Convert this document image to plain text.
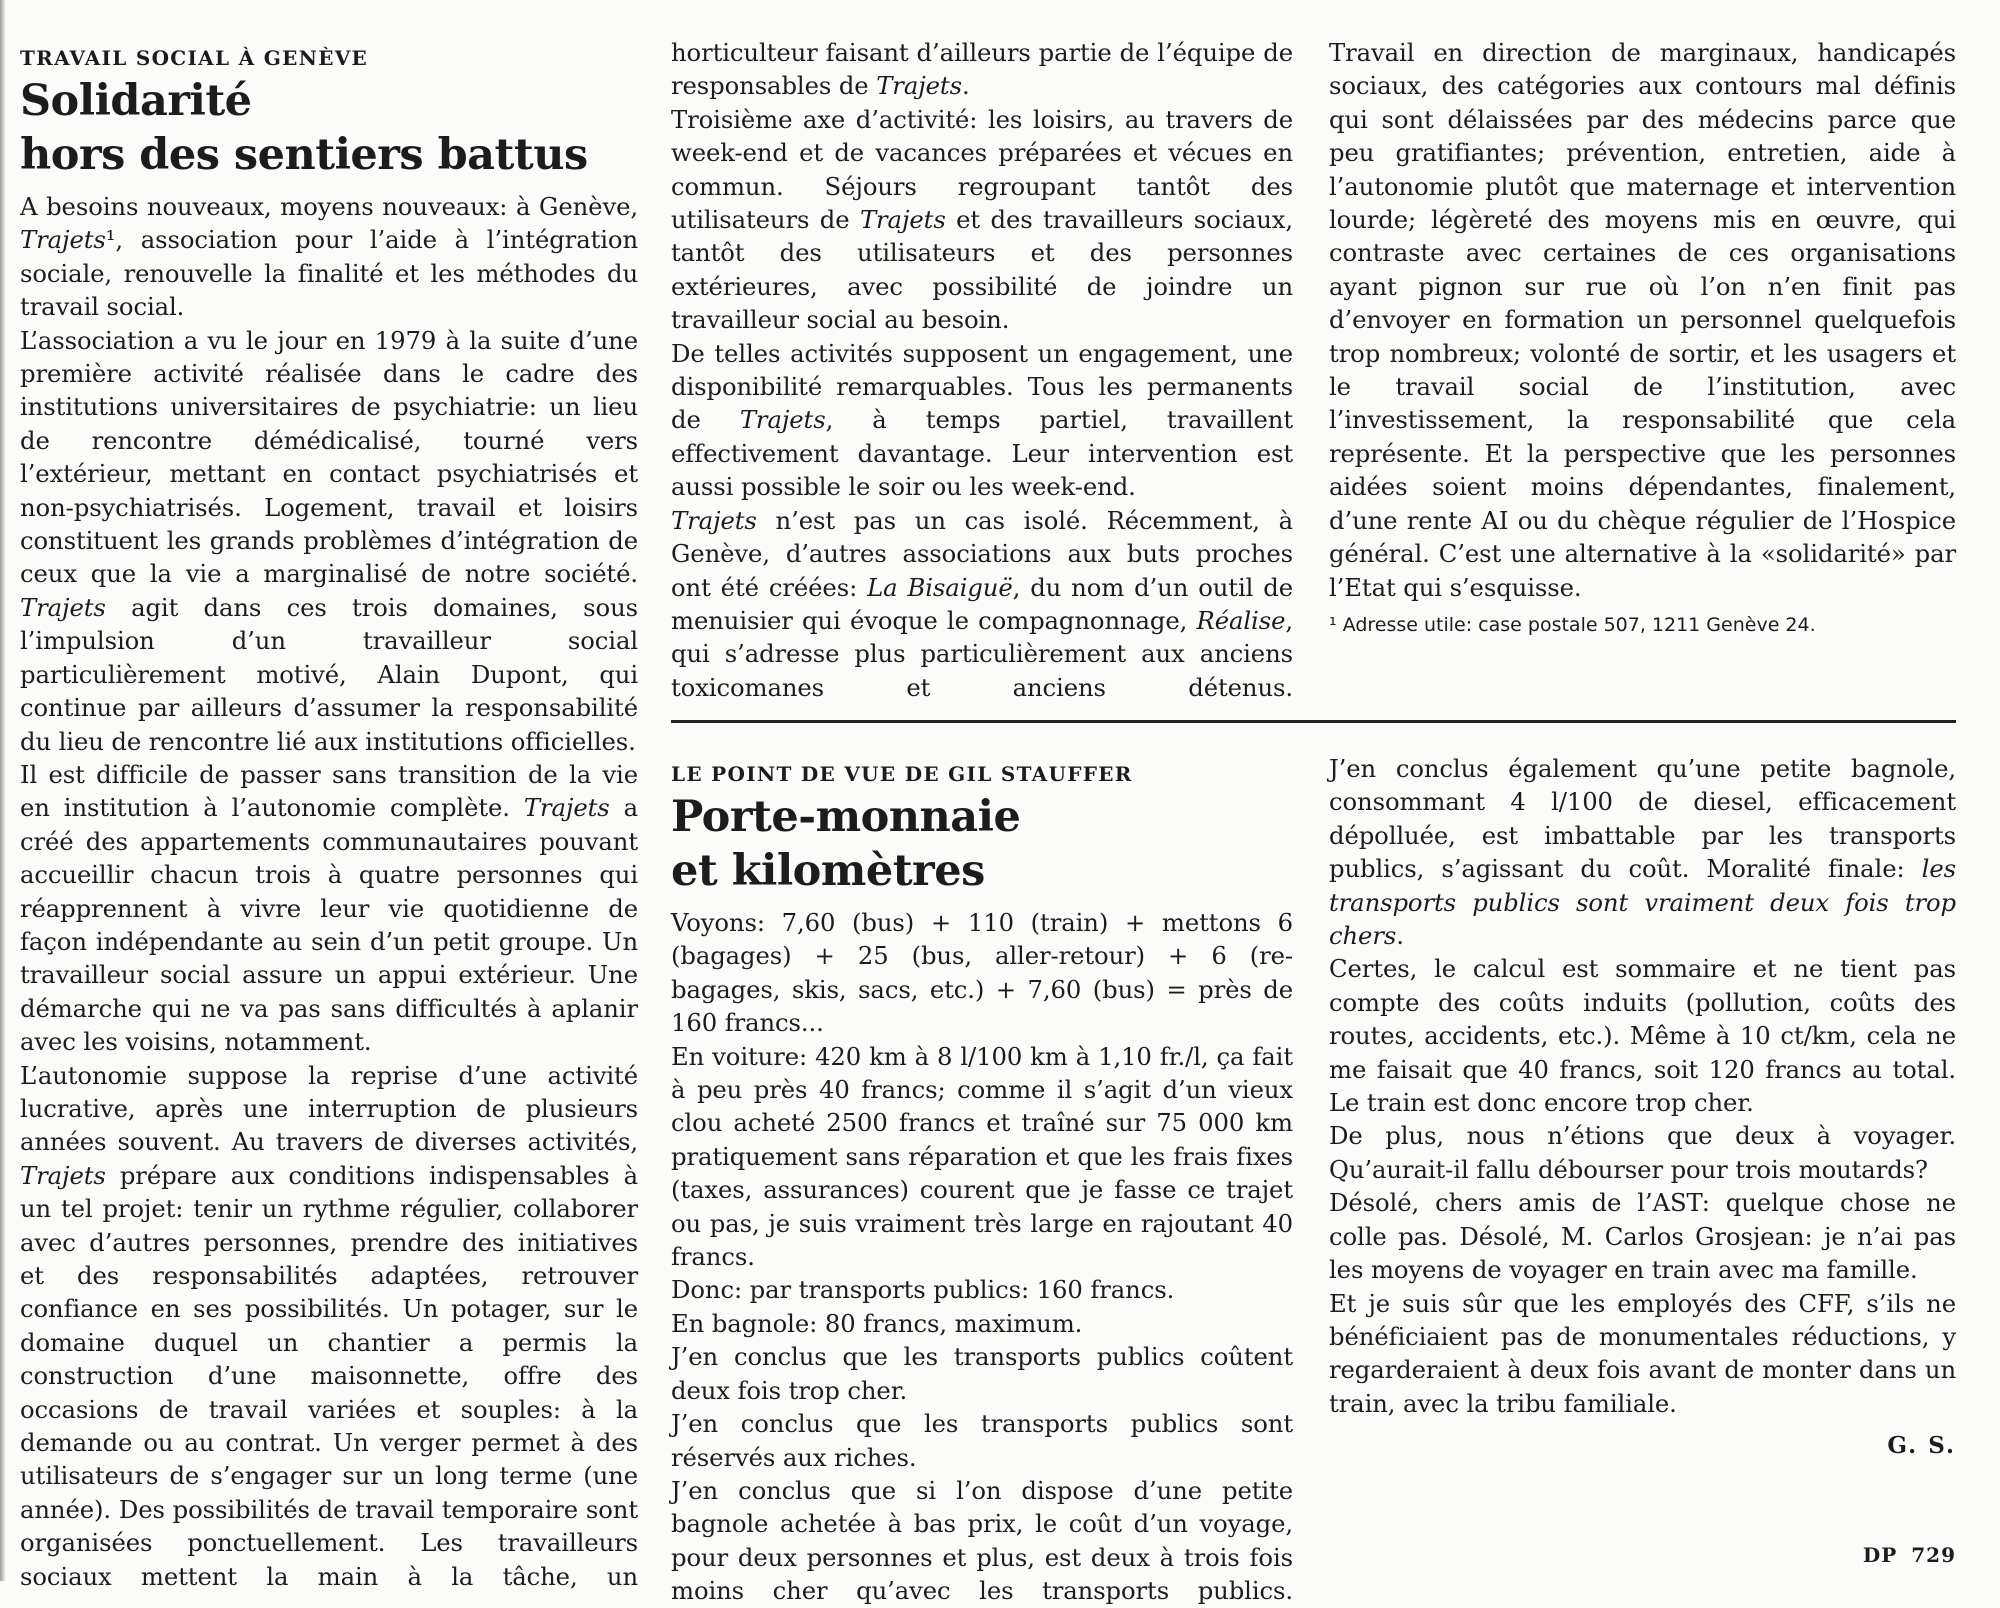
TRAVAIL SOCIAL À GENÈVE
Solidarité
hors des sentiers battus

A besoins nouveaux, moyens nouveaux: à Genève, Trajets¹, association pour l’aide à l’intégration sociale, renouvelle la finalité et les méthodes du travail social.

L’association a vu le jour en 1979 à la suite d’une première activité réalisée dans le cadre des institutions universitaires de psychiatrie: un lieu de rencontre démédicalisé, tourné vers l’extérieur, mettant en contact psychiatrisés et non-psychiatrisés. Logement, travail et loisirs constituent les grands problèmes d’intégration de ceux que la vie a marginalisé de notre société. Trajets agit dans ces trois domaines, sous l’impulsion d’un travailleur social particulièrement motivé, Alain Dupont, qui continue par ailleurs d’assumer la responsabilité du lieu de rencontre lié aux institutions officielles.

Il est difficile de passer sans transition de la vie en institution à l’autonomie complète. Trajets a créé des appartements communautaires pouvant accueillir chacun trois à quatre personnes qui réapprennent à vivre leur vie quotidienne de façon indépendante au sein d’un petit groupe. Un travailleur social assure un appui extérieur. Une démarche qui ne va pas sans difficultés à aplanir avec les voisins, notamment.

L’autonomie suppose la reprise d’une activité lucrative, après une interruption de plusieurs années souvent. Au travers de diverses activités, Trajets prépare aux conditions indispensables à un tel projet: tenir un rythme régulier, collaborer avec d’autres personnes, prendre des initiatives et des responsabilités adaptées, retrouver confiance en ses possibilités. Un potager, sur le domaine duquel un chantier a permis la construction d’une maisonnette, offre des occasions de travail variées et souples: à la demande ou au contrat. Un verger permet à des utilisateurs de s’engager sur un long terme (une année). Des possibilités de travail temporaire sont organisées ponctuellement. Les travailleurs sociaux mettent la main à la tâche, un

horticulteur faisant d’ailleurs partie de l’équipe de responsables de Trajets.

Troisième axe d’activité: les loisirs, au travers de week-end et de vacances préparées et vécues en commun. Séjours regroupant tantôt des utilisateurs de Trajets et des travailleurs sociaux, tantôt des utilisateurs et des personnes extérieures, avec possibilité de joindre un travailleur social au besoin.

De telles activités supposent un engagement, une disponibilité remarquables. Tous les permanents de Trajets, à temps partiel, travaillent effectivement davantage. Leur intervention est aussi possible le soir ou les week-end.

Trajets n’est pas un cas isolé. Récemment, à Genève, d’autres associations aux buts proches ont été créées: La Bisaiguë, du nom d’un outil de menuisier qui évoque le compagnonnage, Réalise, qui s’adresse plus particulièrement aux anciens toxicomanes et anciens détenus.

Travail en direction de marginaux, handicapés sociaux, des catégories aux contours mal définis qui sont délaissées par des médecins parce que peu gratifiantes; prévention, entretien, aide à l’autonomie plutôt que maternage et intervention lourde; légèreté des moyens mis en œuvre, qui contraste avec certaines de ces organisations ayant pignon sur rue où l’on n’en finit pas d’envoyer en formation un personnel quelquefois trop nombreux; volonté de sortir, et les usagers et le travail social de l’institution, avec l’investissement, la responsabilité que cela représente. Et la perspective que les personnes aidées soient moins dépendantes, finalement, d’une rente AI ou du chèque régulier de l’Hospice général. C’est une alternative à la «solidarité» par l’Etat qui s’esquisse.

¹ Adresse utile: case postale 507, 1211 Genève 24.
LE POINT DE VUE DE GIL STAUFFER
Porte-monnaie
et kilomètres

Voyons: 7,60 (bus) + 110 (train) + mettons 6 (bagages) + 25 (bus, aller-retour) + 6 (re-bagages, skis, sacs, etc.) + 7,60 (bus) = près de 160 francs...

En voiture: 420 km à 8 l/100 km à 1,10 fr./l, ça fait à peu près 40 francs; comme il s’agit d’un vieux clou acheté 2500 francs et traîné sur 75 000 km pratiquement sans réparation et que les frais fixes (taxes, assurances) courent que je fasse ce trajet ou pas, je suis vraiment très large en rajoutant 40 francs.

Donc: par transports publics: 160 francs.

En bagnole: 80 francs, maximum.

J’en conclus que les transports publics coûtent deux fois trop cher.

J’en conclus que les transports publics sont réservés aux riches.

J’en conclus que si l’on dispose d’une petite bagnole achetée à bas prix, le coût d’un voyage, pour deux personnes et plus, est deux à trois fois moins cher qu’avec les transports publics.

J’en conclus également qu’une petite bagnole, consommant 4 l/100 de diesel, efficacement dépolluée, est imbattable par les transports publics, s’agissant du coût. Moralité finale: les transports publics sont vraiment deux fois trop chers.

Certes, le calcul est sommaire et ne tient pas compte des coûts induits (pollution, coûts des routes, accidents, etc.). Même à 10 ct/km, cela ne me faisait que 40 francs, soit 120 francs au total. Le train est donc encore trop cher.

De plus, nous n’étions que deux à voyager. Qu’aurait-il fallu débourser pour trois moutards?

Désolé, chers amis de l’AST: quelque chose ne colle pas. Désolé, M. Carlos Grosjean: je n’ai pas les moyens de voyager en train avec ma famille.

Et je suis sûr que les employés des CFF, s’ils ne bénéficiaient pas de monumentales réductions, y regarderaient à deux fois avant de monter dans un train, avec la tribu familiale.

G. S.
DP 729
